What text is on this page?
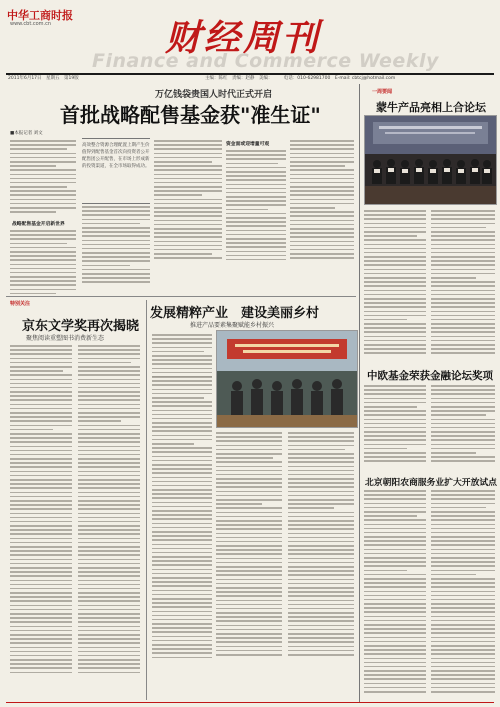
中华工商时报
www.cbt.com.cn	财经周刊
Finance and Commerce Weekly
2011年6月17日　星期五　第19版	主编：陈红　责编：赵静　美编：　　　电话：010-62981700　E-mail: cbtcj@hotmail.com
万亿钱袋贵国人时代正式开启
首批战略配售基金获"准生证"
■本报记者 刘文
战略配售基金开启新世界
高效整合资源合理配置上期产生价值得到配售基金首次向投资者公开配售团公开配售，在市场上形成新的投资渠道，在全市场取得成功。
资金面或迎增量可观
一周要闻
蒙牛产品亮相上合论坛
中欧基金荣获金融论坛奖项
北京朝阳农商服务业扩大开放试点
特别关注
京东文学奖再次揭晓
聚焦阅读重塑图书消费新生态
发展精粹产业　建设美丽乡村
推进产品要素集聚赋能乡村振兴
